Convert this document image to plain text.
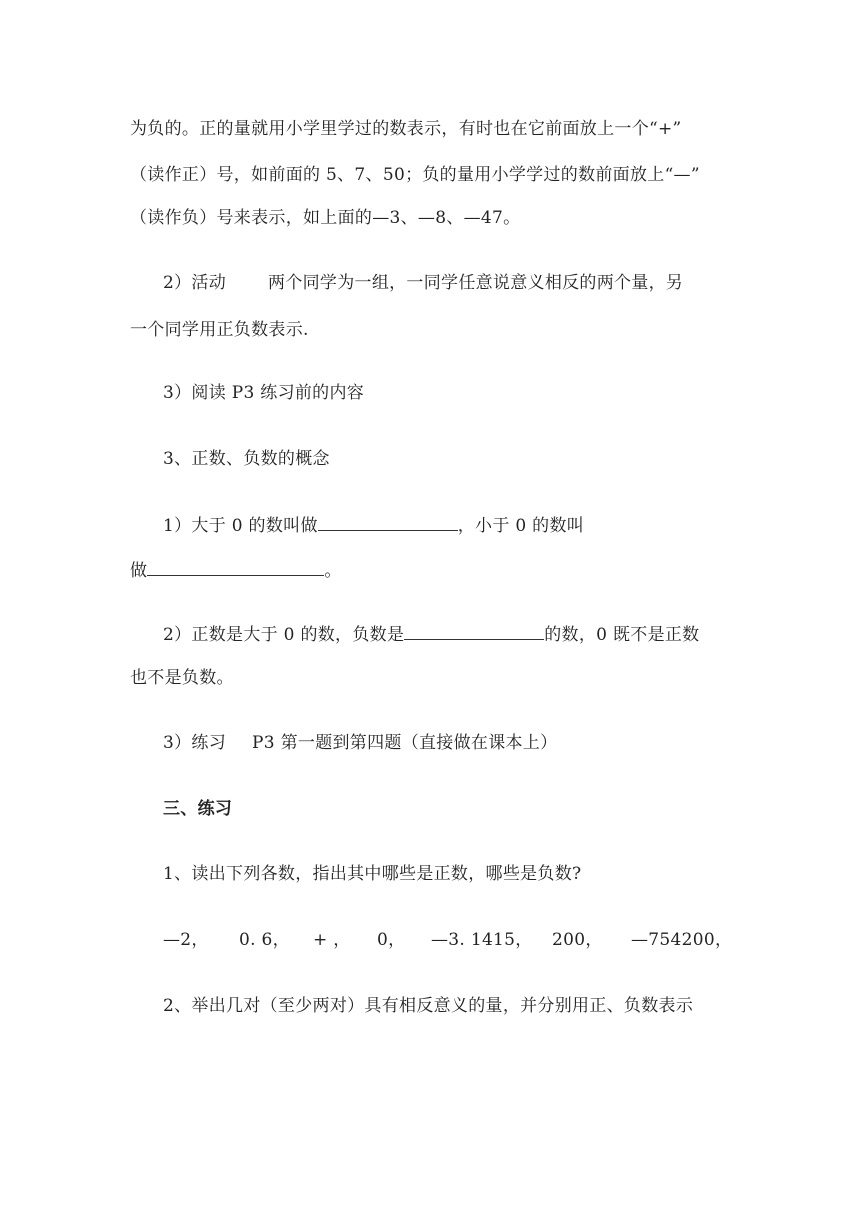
为负的。正的量就用小学里学过的数表示，有时也在它前面放上一个“+”
（读作正）号，如前面的 5、7、50；负的量用小学学过的数前面放上“—”
（读作负）号来表示，如上面的—3、—8、—47。
2）活动 两个同学为一组，一同学任意说意义相反的两个量，另
一个同学用正负数表示.
3）阅读 P3 练习前的内容
3、正数、负数的概念
1）大于 0 的数叫做	，小于 0 的数叫
做	。
2）正数是大于 0 的数，负数是	的数，0 既不是正数
也不是负数。
3）练习 P3 第一题到第四题（直接做在课本上）
三、练习
1、读出下列各数，指出其中哪些是正数，哪些是负数?
—2， 0. 6， + ， 0， —3. 1415， 200， —754200，
2、举出几对（至少两对）具有相反意义的量，并分别用正、负数表示
